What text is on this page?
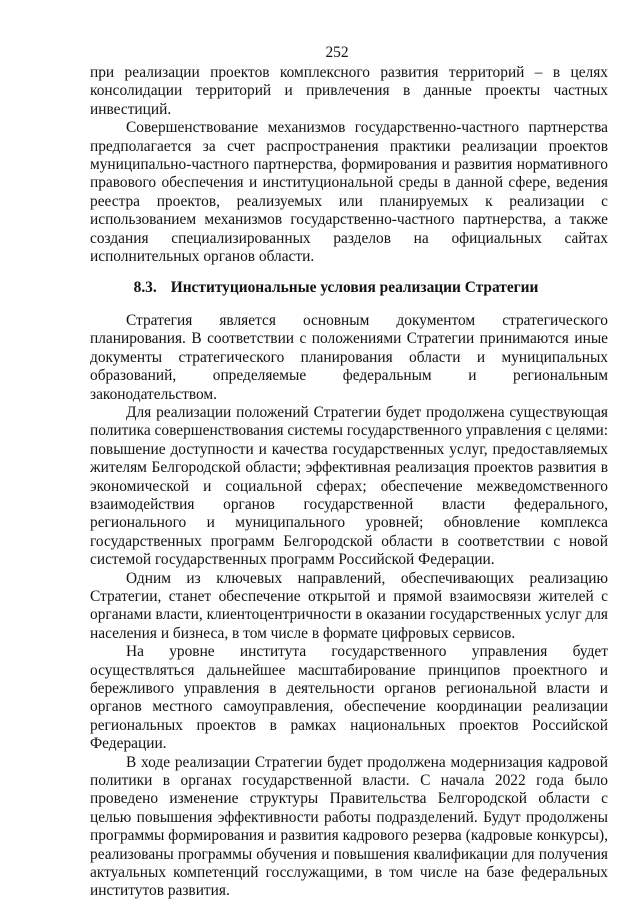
252

при реализации проектов комплексного развития территорий – в целях консолидации территорий и привлечения в данные проекты частных инвестиций.

Совершенствование механизмов государственно-частного партнерства предполагается за счет распространения практики реализации проектов муниципально-частного партнерства, формирования и развития нормативного правового обеспечения и институциональной среды в данной сфере, ведения реестра проектов, реализуемых или планируемых к реализации с использованием механизмов государственно-частного партнерства, а также создания специализированных разделов на официальных сайтах исполнительных органов области.

8.3. Институциональные условия реализации Стратегии

Стратегия является основным документом стратегического планирования. В соответствии с положениями Стратегии принимаются иные документы стратегического планирования области и муниципальных образований, определяемые федеральным и региональным законодательством.

Для реализации положений Стратегии будет продолжена существующая политика совершенствования системы государственного управления с целями: повышение доступности и качества государственных услуг, предоставляемых жителям Белгородской области; эффективная реализация проектов развития в экономической и социальной сферах; обеспечение межведомственного взаимодействия органов государственной власти федерального, регионального и муниципального уровней; обновление комплекса государственных программ Белгородской области в соответствии с новой системой государственных программ Российской Федерации.

Одним из ключевых направлений, обеспечивающих реализацию Стратегии, станет обеспечение открытой и прямой взаимосвязи жителей с органами власти, клиентоцентричности в оказании государственных услуг для населения и бизнеса, в том числе в формате цифровых сервисов.

На уровне института государственного управления будет осуществляться дальнейшее масштабирование принципов проектного и бережливого управления в деятельности органов региональной власти и органов местного самоуправления, обеспечение координации реализации региональных проектов в рамках национальных проектов Российской Федерации.

В ходе реализации Стратегии будет продолжена модернизация кадровой политики в органах государственной власти. С начала 2022 года было проведено изменение структуры Правительства Белгородской области с целью повышения эффективности работы подразделений. Будут продолжены программы формирования и развития кадрового резерва (кадровые конкурсы), реализованы программы обучения и повышения квалификации для получения актуальных компетенций госслужащими, в том числе на базе федеральных институтов развития.
